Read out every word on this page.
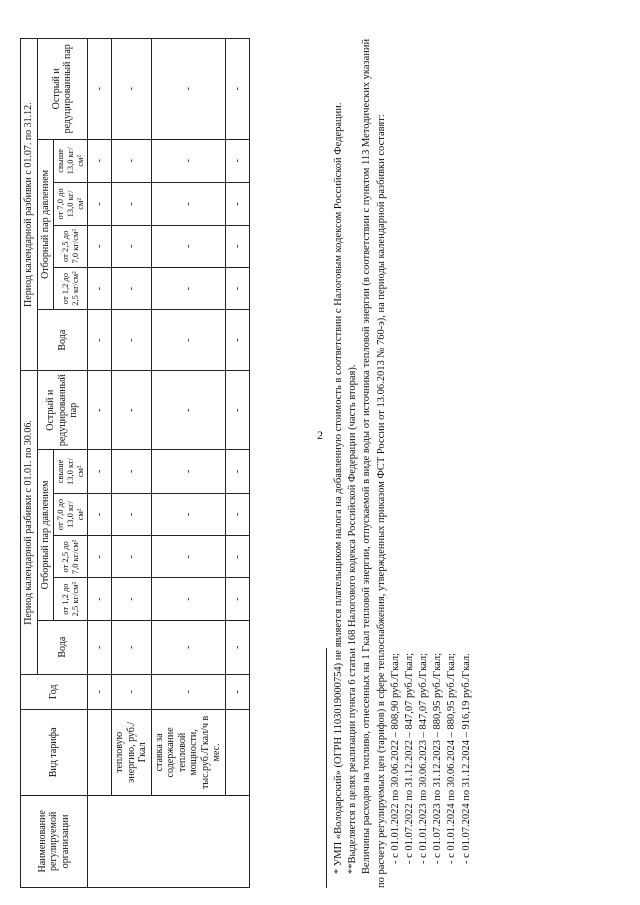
2
Наименование регулируемой организации	Вид тарифа	Год	Период календарной разбивки с 01.01. по 30.06.						Период календарной разбивки с 01.07. по 31.12.					
			Вода	Отборный пар давлением				Острый и редуцированный пар	Вода	Отборный пар давлением				Острый и редуцированный пар
				от 1,2 до 2,5 кг/см²	от 2,5 до 7,0 кг/см²	от 7,0 до 13,0 кг/см²	свыше 13,0 кг/см²			от 1,2 до 2,5 кг/см²	от 2,5 до 7,0 кг/см²	от 7,0 до 13,0 кг/см²	свыше 13,0 кг/см²	
		-	-	-	-	-	-	-	-	-	-	-	-	-
	тепловую энергию, руб./Гкал	-	-	-	-	-	-	-	-	-	-	-	-	-
	ставка за содержание тепловой мощности, тыс.руб./Гкал/ч в мес.	-	-	-	-	-	-	-	-	-	-	-	-	-
		-	-	-	-	-	-	-	-	-	-	-	-	-

* УМП «Володарский» (ОГРН 1103019000754) не является плательщиком налога на добавленную стоимость в соответствии с Налоговым кодексом Российской Федерации. **Выделяется в целях реализации пункта 6 статьи 168 Налогового кодекса Российской Федерации (часть вторая). Величины расходов на топливо, отнесенных на 1 Гкал тепловой энергии, отпускаемой в виде воды от источника тепловой энергии (в соответствии с пунктом 113 Методических указаний по расчету регулируемых цен (тарифов) в сфере теплоснабжения, утвержденных приказом ФСТ России от 13.06.2013 № 760-э), на периоды календарной разбивки составят: - с 01.01.2022 по 30.06.2022 – 808,90 руб./Гкал; - с 01.07.2022 по 31.12.2022 – 847,07 руб./Гкал; - с 01.01.2023 по 30.06.2023 – 847,07 руб./Гкал; - с 01.07.2023 по 31.12.2023 – 880,95 руб./Гкал; - с 01.01.2024 по 30.06.2024 – 880,95 руб./Гкал; - с 01.07.2024 по 31.12.2024 – 916,19 руб./Гкал.
